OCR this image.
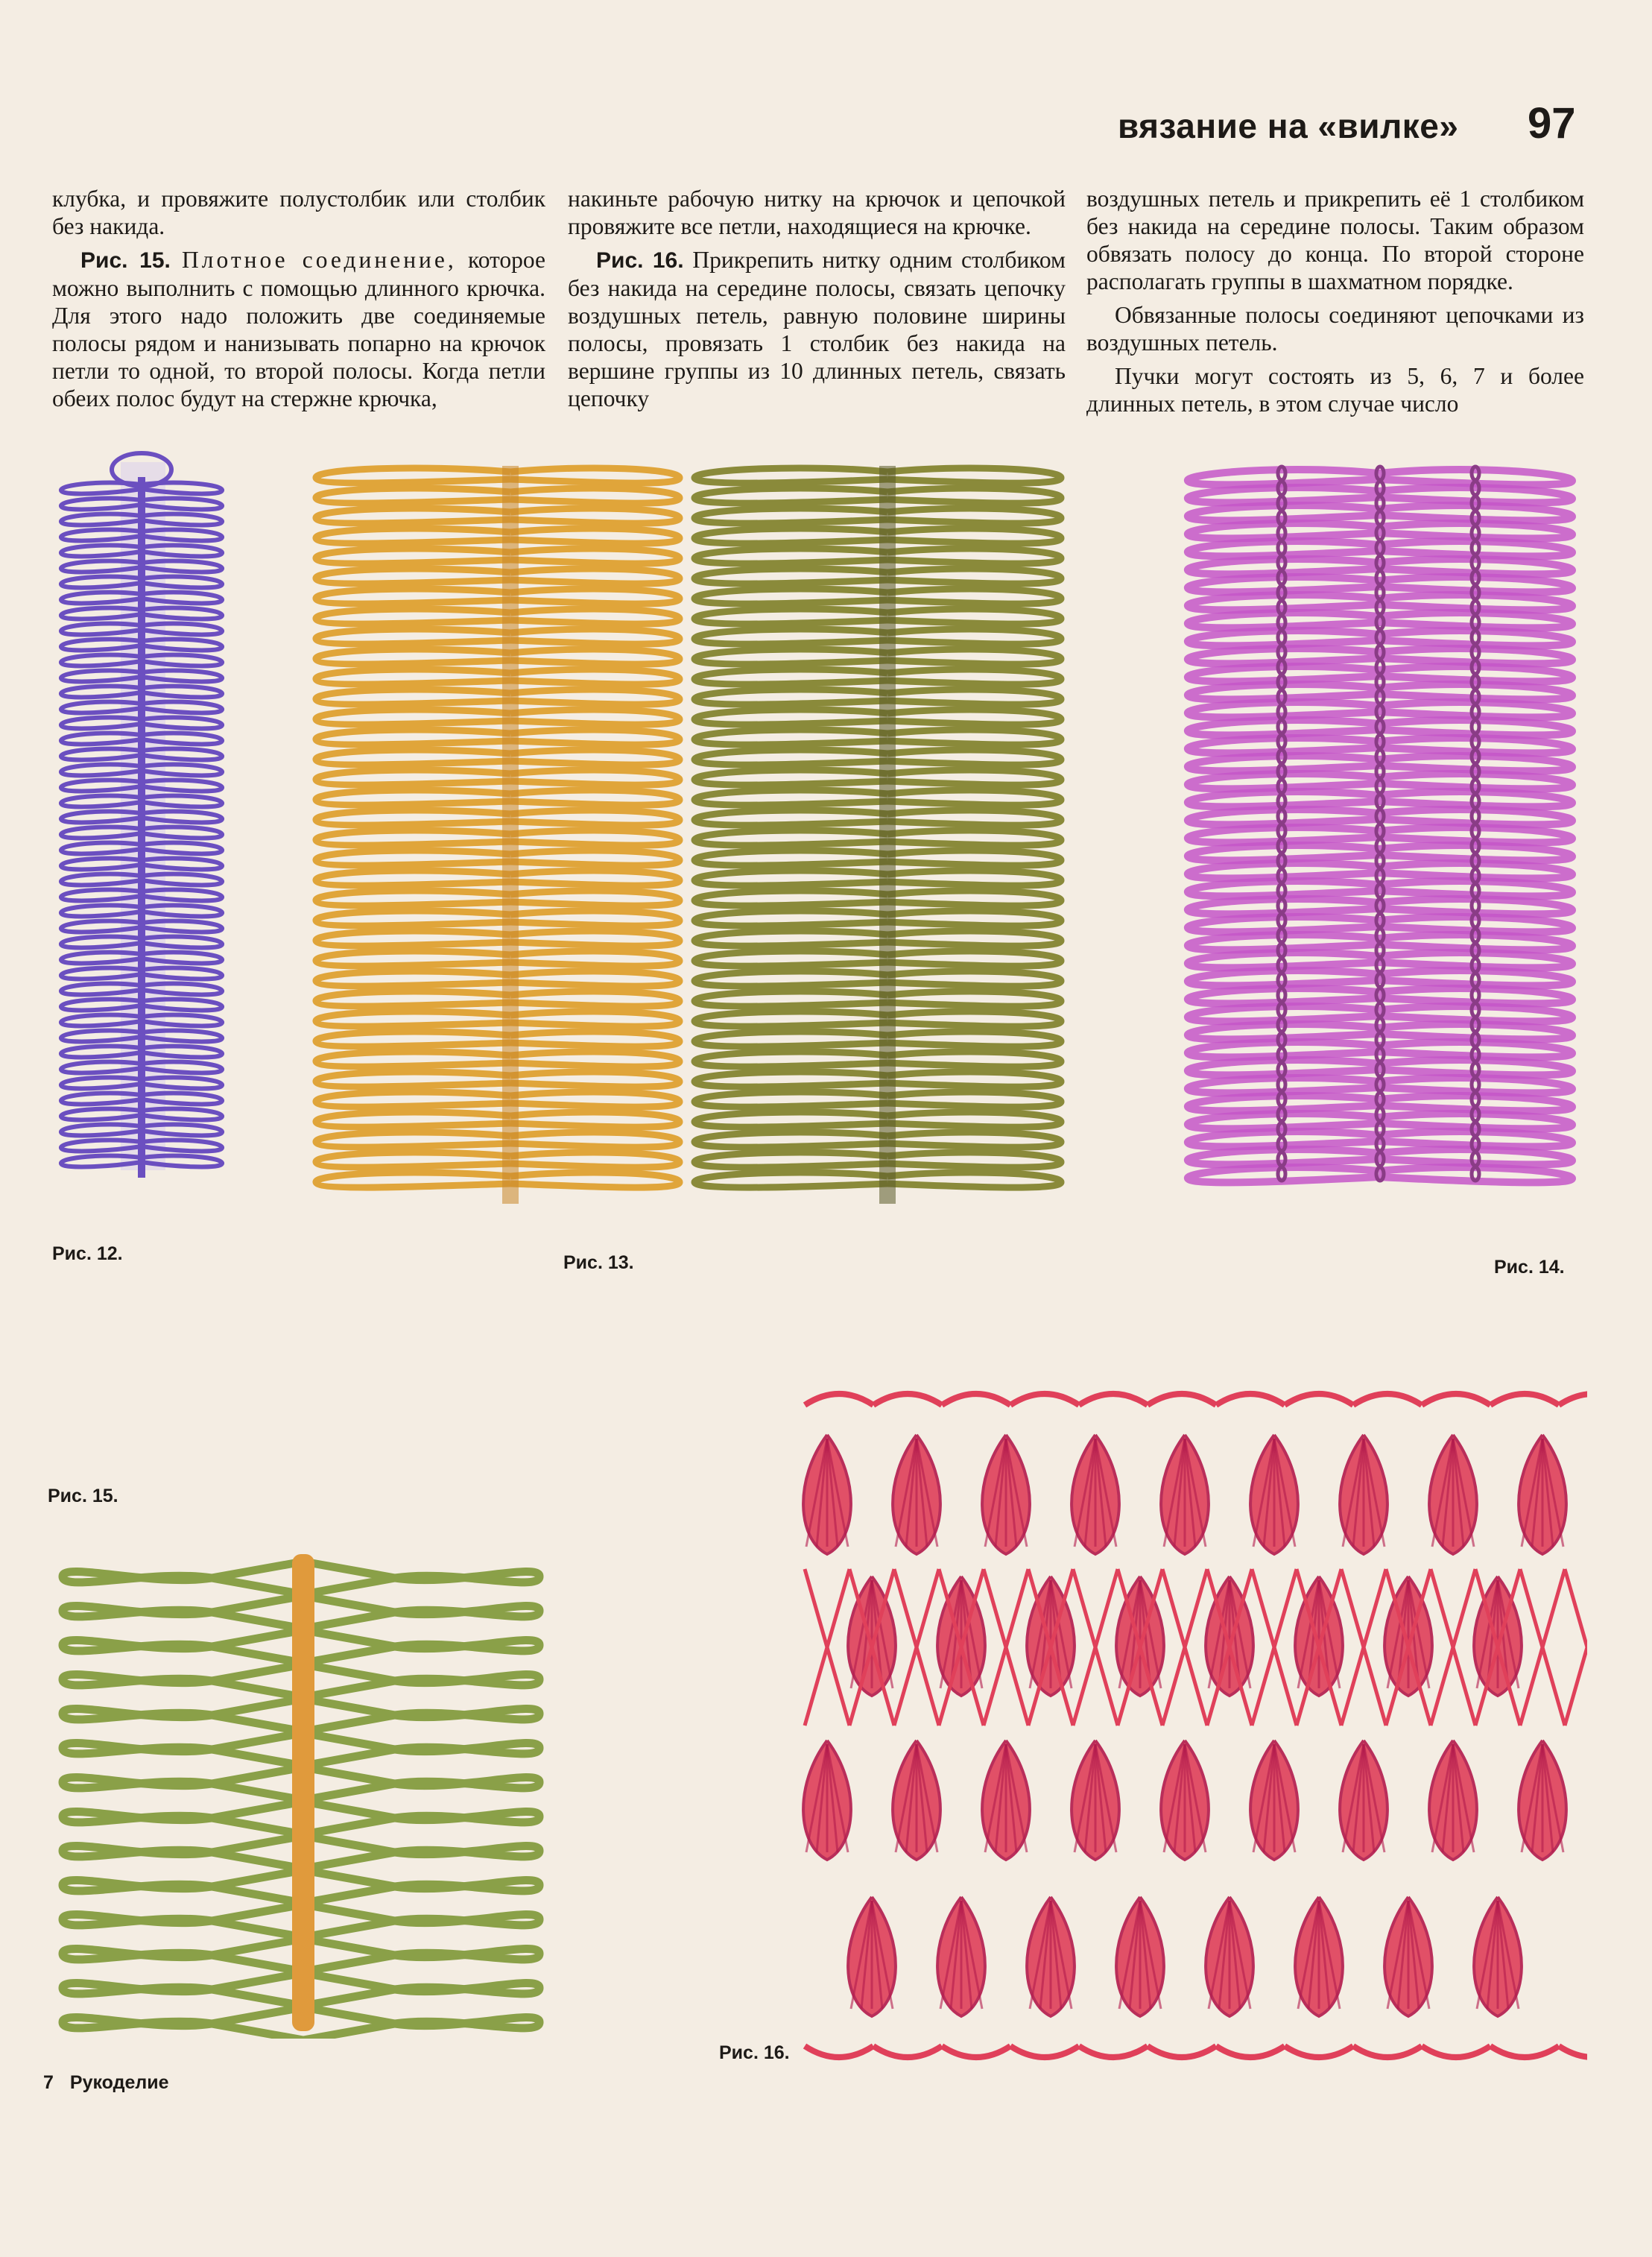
вязание на «вилке» 97

клубка, и провяжите полустолбик или столбик без накида.

Рис. 15. Плотное соединение, которое можно выполнить с помощью длинного крючка. Для этого надо положить две соединяемые полосы рядом и нанизывать попарно на крючок петли то одной, то второй полосы. Когда петли обеих полос будут на стержне крючка,

накиньте рабочую нитку на крючок и цепочкой провяжите все петли, находящиеся на крючке.

Рис. 16. Прикрепить нитку одним столбиком без накида на середине полосы, связать цепочку воздушных петель, равную половине ширины полосы, провязать 1 столбик без накида на вершине группы из 10 длинных петель, связать цепочку

воздушных петель и прикрепить её 1 столбиком без накида на середине полосы. Таким образом обвязать полосу до конца. По второй стороне располагать группы в шахматном порядке.

Обвязанные полосы соединяют цепочками из воздушных петель.

Пучки могут состоять из 5, 6, 7 и более длинных петель, в этом случае число

Рис. 12.	Рис. 13.	Рис. 14.
Рис. 15.
Рис. 16.
7 Рукоделие
